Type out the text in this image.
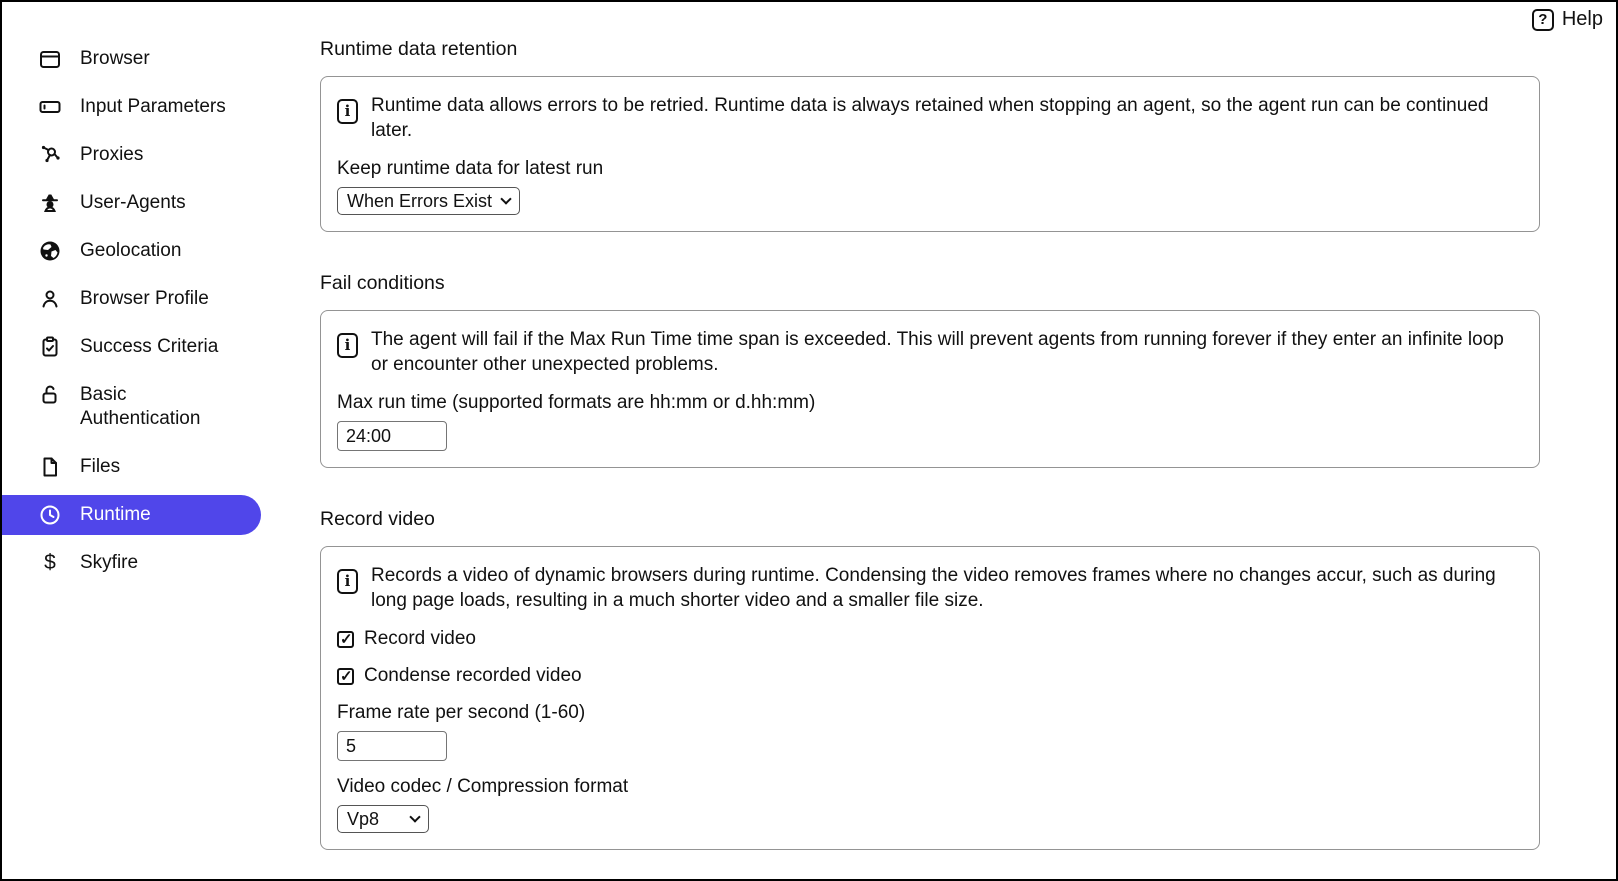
? Help
Browser
Input Parameters
Proxies
User-Agents
Geolocation
Browser Profile
Success Criteria
Basic Authentication
Files
Runtime
$	Skyfire
Runtime data retention
i	Runtime data allows errors to be retried. Runtime data is always retained when stopping an agent, so the agent run can be continued later.
Keep runtime data for latest run
When Errors Exist
Fail conditions
i	The agent will fail if the Max Run Time time span is exceeded. This will prevent agents from running forever if they enter an infinite loop or encounter other unexpected problems.
Max run time (supported formats are hh:mm or d.hh:mm)
24:00
Record video
i	Records a video of dynamic browsers during runtime. Condensing the video removes frames where no changes accur, such as during long page loads, resulting in a much shorter video and a smaller file size.
✓
Record video
✓
Condense recorded video
Frame rate per second (1-60)
5
Video codec / Compression format
Vp8
